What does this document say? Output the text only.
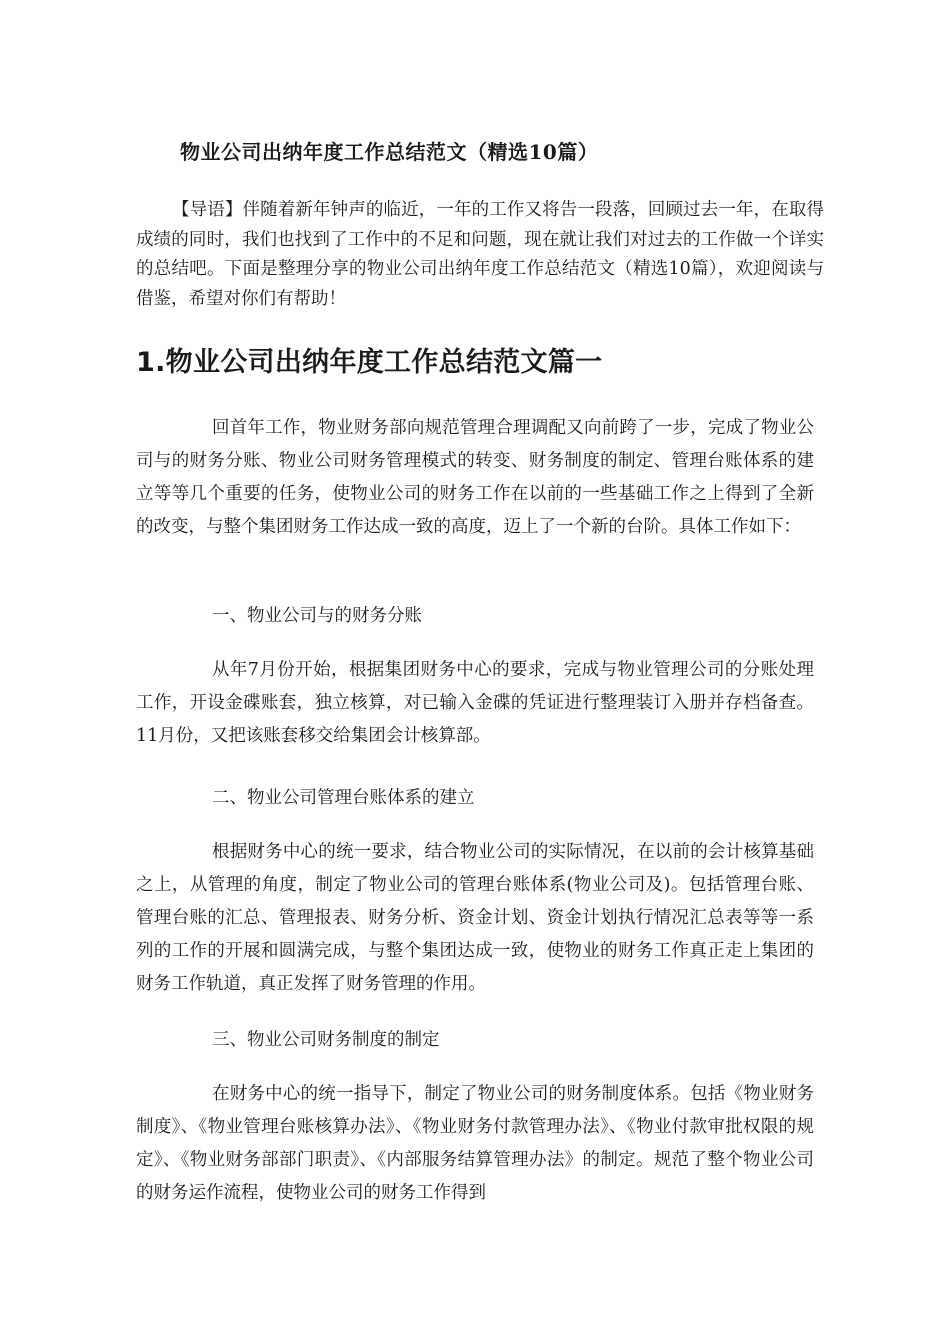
物业公司出纳年度工作总结范文（精选10篇）
【导语】伴随着新年钟声的临近，一年的工作又将告一段落，回顾过去一年，在取得成绩的同时，我们也找到了工作中的不足和问题，现在就让我们对过去的工作做一个详实的总结吧。下面是整理分享的物业公司出纳年度工作总结范文（精选10篇），欢迎阅读与借鉴，希望对你们有帮助！
1.物业公司出纳年度工作总结范文篇一
回首年工作，物业财务部向规范管理合理调配又向前跨了一步，完成了物业公司与的财务分账、物业公司财务管理模式的转变、财务制度的制定、管理台账体系的建立等等几个重要的任务，使物业公司的财务工作在以前的一些基础工作之上得到了全新的改变，与整个集团财务工作达成一致的高度，迈上了一个新的台阶。具体工作如下：
一、物业公司与的财务分账
从年7月份开始，根据集团财务中心的要求，完成与物业管理公司的分账处理工作，开设金碟账套，独立核算，对已输入金碟的凭证进行整理装订入册并存档备查。11月份，又把该账套移交给集团会计核算部。
二、物业公司管理台账体系的建立
根据财务中心的统一要求，结合物业公司的实际情况，在以前的会计核算基础之上，从管理的角度，制定了物业公司的管理台账体系(物业公司及)。包括管理台账、管理台账的汇总、管理报表、财务分析、资金计划、资金计划执行情况汇总表等等一系列的工作的开展和圆满完成，与整个集团达成一致，使物业的财务工作真正走上集团的财务工作轨道，真正发挥了财务管理的作用。
三、物业公司财务制度的制定
在财务中心的统一指导下，制定了物业公司的财务制度体系。包括《物业财务制度》、《物业管理台账核算办法》、《物业财务付款管理办法》、《物业付款审批权限的规定》、《物业财务部部门职责》、《内部服务结算管理办法》的制定。规范了整个物业公司的财务运作流程，使物业公司的财务工作得到
